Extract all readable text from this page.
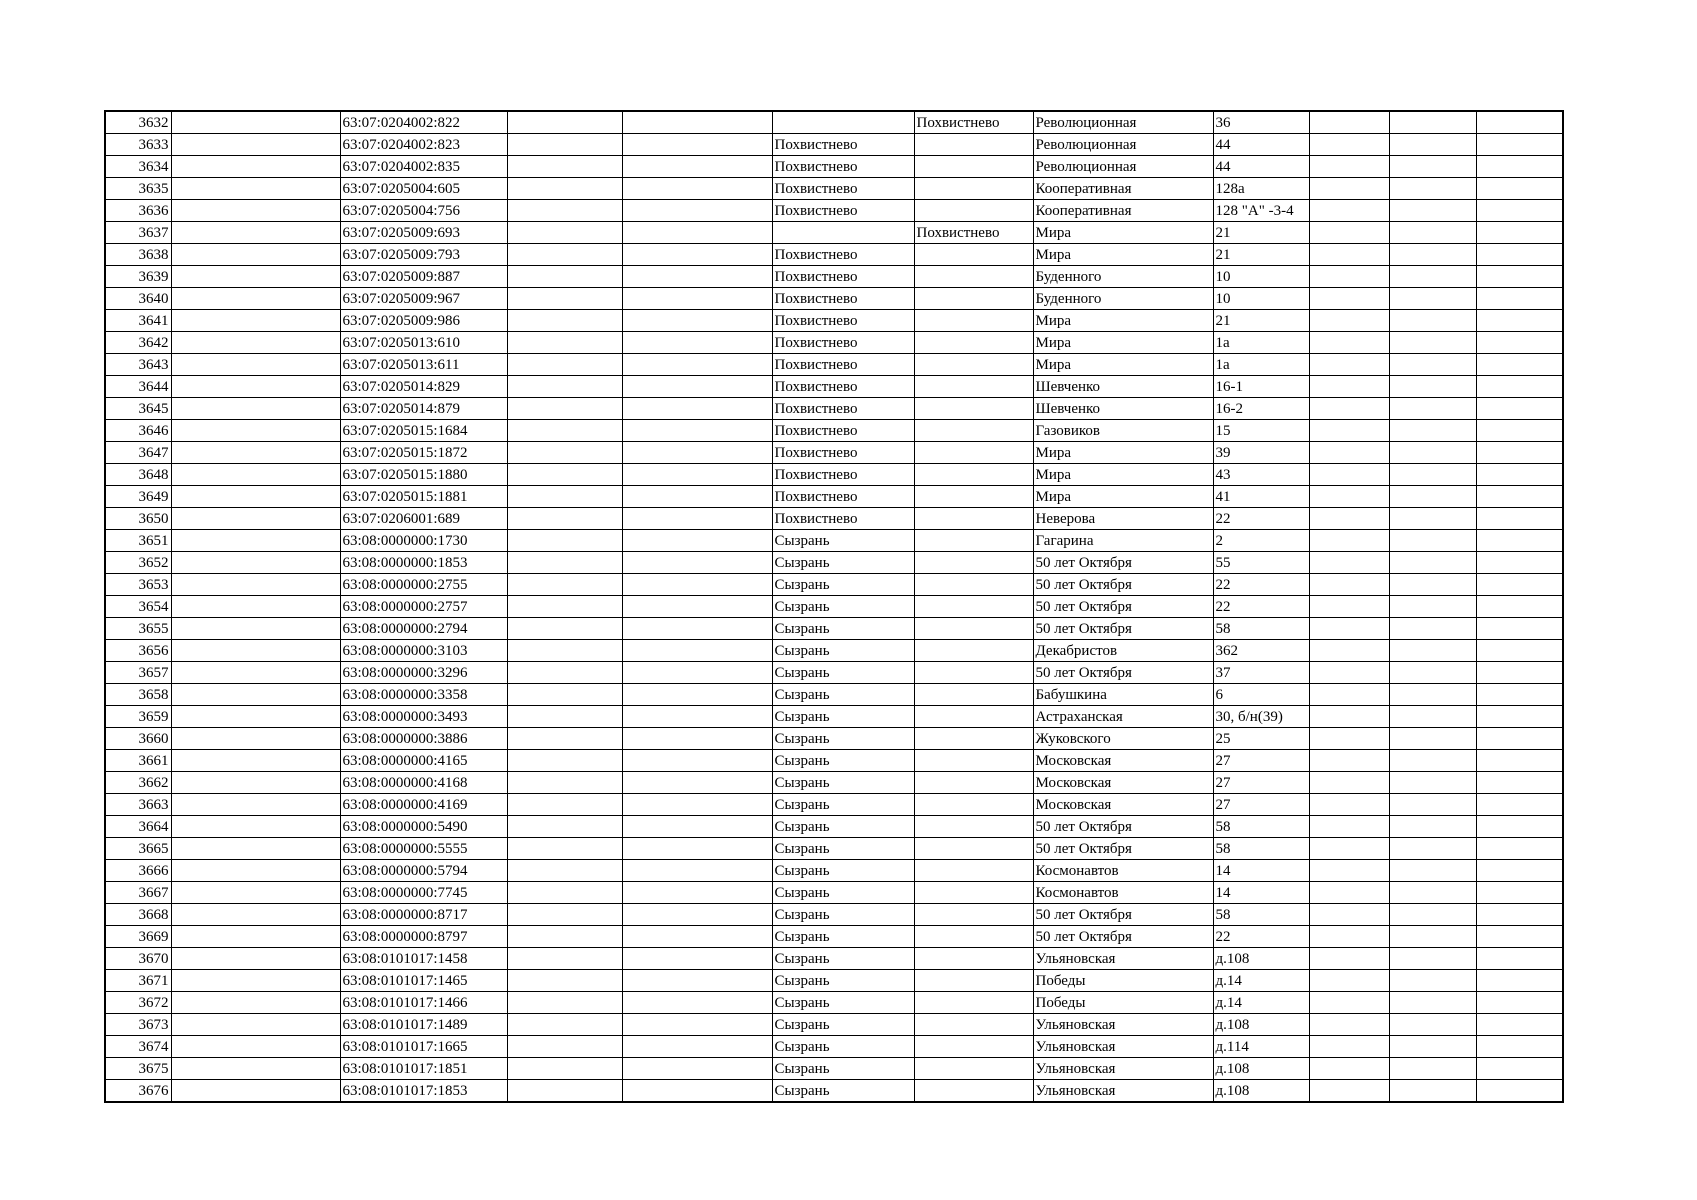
3632		63:07:0204002:822				Похвистнево	Революционная	36			
3633		63:07:0204002:823			Похвистнево		Революционная	44			
3634		63:07:0204002:835			Похвистнево		Революционная	44			
3635		63:07:0205004:605			Похвистнево		Кооперативная	128а			
3636		63:07:0205004:756			Похвистнево		Кооперативная	128 "А" -3-4			
3637		63:07:0205009:693				Похвистнево	Мира	21			
3638		63:07:0205009:793			Похвистнево		Мира	21			
3639		63:07:0205009:887			Похвистнево		Буденного	10			
3640		63:07:0205009:967			Похвистнево		Буденного	10			
3641		63:07:0205009:986			Похвистнево		Мира	21			
3642		63:07:0205013:610			Похвистнево		Мира	1а			
3643		63:07:0205013:611			Похвистнево		Мира	1а			
3644		63:07:0205014:829			Похвистнево		Шевченко	16-1			
3645		63:07:0205014:879			Похвистнево		Шевченко	16-2			
3646		63:07:0205015:1684			Похвистнево		Газовиков	15			
3647		63:07:0205015:1872			Похвистнево		Мира	39			
3648		63:07:0205015:1880			Похвистнево		Мира	43			
3649		63:07:0205015:1881			Похвистнево		Мира	41			
3650		63:07:0206001:689			Похвистнево		Неверова	22			
3651		63:08:0000000:1730			Сызрань		Гагарина	2			
3652		63:08:0000000:1853			Сызрань		50 лет Октября	55			
3653		63:08:0000000:2755			Сызрань		50 лет Октября	22			
3654		63:08:0000000:2757			Сызрань		50 лет Октября	22			
3655		63:08:0000000:2794			Сызрань		50 лет Октября	58			
3656		63:08:0000000:3103			Сызрань		Декабристов	362			
3657		63:08:0000000:3296			Сызрань		50 лет Октября	37			
3658		63:08:0000000:3358			Сызрань		Бабушкина	6			
3659		63:08:0000000:3493			Сызрань		Астраханская	30, б/н(39)			
3660		63:08:0000000:3886			Сызрань		Жуковского	25			
3661		63:08:0000000:4165			Сызрань		Московская	27			
3662		63:08:0000000:4168			Сызрань		Московская	27			
3663		63:08:0000000:4169			Сызрань		Московская	27			
3664		63:08:0000000:5490			Сызрань		50 лет Октября	58			
3665		63:08:0000000:5555			Сызрань		50 лет Октября	58			
3666		63:08:0000000:5794			Сызрань		Космонавтов	14			
3667		63:08:0000000:7745			Сызрань		Космонавтов	14			
3668		63:08:0000000:8717			Сызрань		50 лет Октября	58			
3669		63:08:0000000:8797			Сызрань		50 лет Октября	22			
3670		63:08:0101017:1458			Сызрань		Ульяновская	д.108			
3671		63:08:0101017:1465			Сызрань		Победы	д.14			
3672		63:08:0101017:1466			Сызрань		Победы	д.14			
3673		63:08:0101017:1489			Сызрань		Ульяновская	д.108			
3674		63:08:0101017:1665			Сызрань		Ульяновская	д.114			
3675		63:08:0101017:1851			Сызрань		Ульяновская	д.108			
3676		63:08:0101017:1853			Сызрань		Ульяновская	д.108			
